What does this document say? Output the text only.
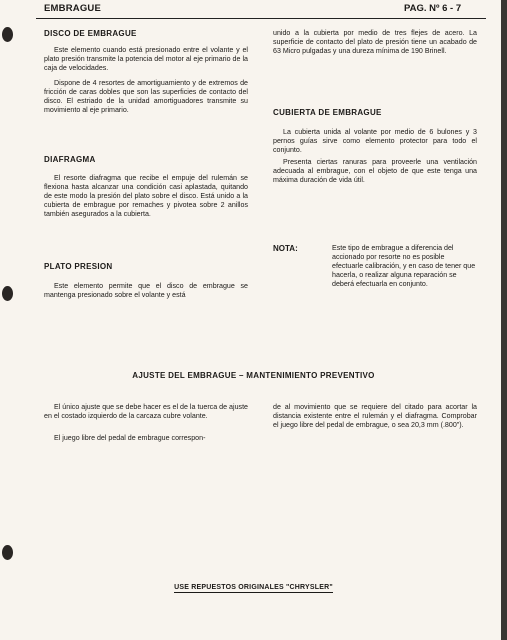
EMBRAGUE	PAG. Nº 6 - 7
DISCO DE EMBRAGUE

Este elemento cuando está presionado entre el volante y el plato presión transmite la potencia del motor al eje primario de la caja de velocidades.

Dispone de 4 resortes de amortiguamiento y de extremos de fricción de caras dobles que son las superficies de contacto del disco. El estriado de la unidad amortiguadores transmite su movimiento al eje primario.

DIAFRAGMA

El resorte diafragma que recibe el empuje del rulemán se flexiona hasta alcanzar una condición casi aplastada, quitando de este modo la presión del plato sobre el disco. Está unido a la cubierta de embrague por remaches y pivotea sobre 2 anillos también asegurados a la cubierta.

PLATO PRESION

Este elemento permite que el disco de embrague se mantenga presionado sobre el volante y está

unido a la cubierta por medio de tres flejes de acero. La superficie de contacto del plato de presión tiene un acabado de 63 Micro pulgadas y una dureza mínima de 190 Brinell.

CUBIERTA DE EMBRAGUE

La cubierta unida al volante por medio de 6 bulones y 3 pernos guías sirve como elemento protector para todo el conjunto.

Presenta ciertas ranuras para proveerle una ventilación adecuada al embrague, con el objeto de que este tenga una máxima duración de vida útil.

NOTA:	Este tipo de embrague a diferencia del accionado por resorte no es posible efectuarle calibración, y en caso de tener que hacerla, o realizar alguna reparación se deberá efectuarla en conjunto.

AJUSTE DEL EMBRAGUE – MANTENIMIENTO PREVENTIVO

El único ajuste que se debe hacer es el de la tuerca de ajuste en el costado izquierdo de la carcaza cubre volante.

El juego libre del pedal de embrague correspon-

de al movimiento que se requiere del citado para acortar la distancia existente entre el rulemán y el diafragma. Comprobar el juego libre del pedal de embrague, o sea 20,3 mm (.800").

USE REPUESTOS ORIGINALES "CHRYSLER"
